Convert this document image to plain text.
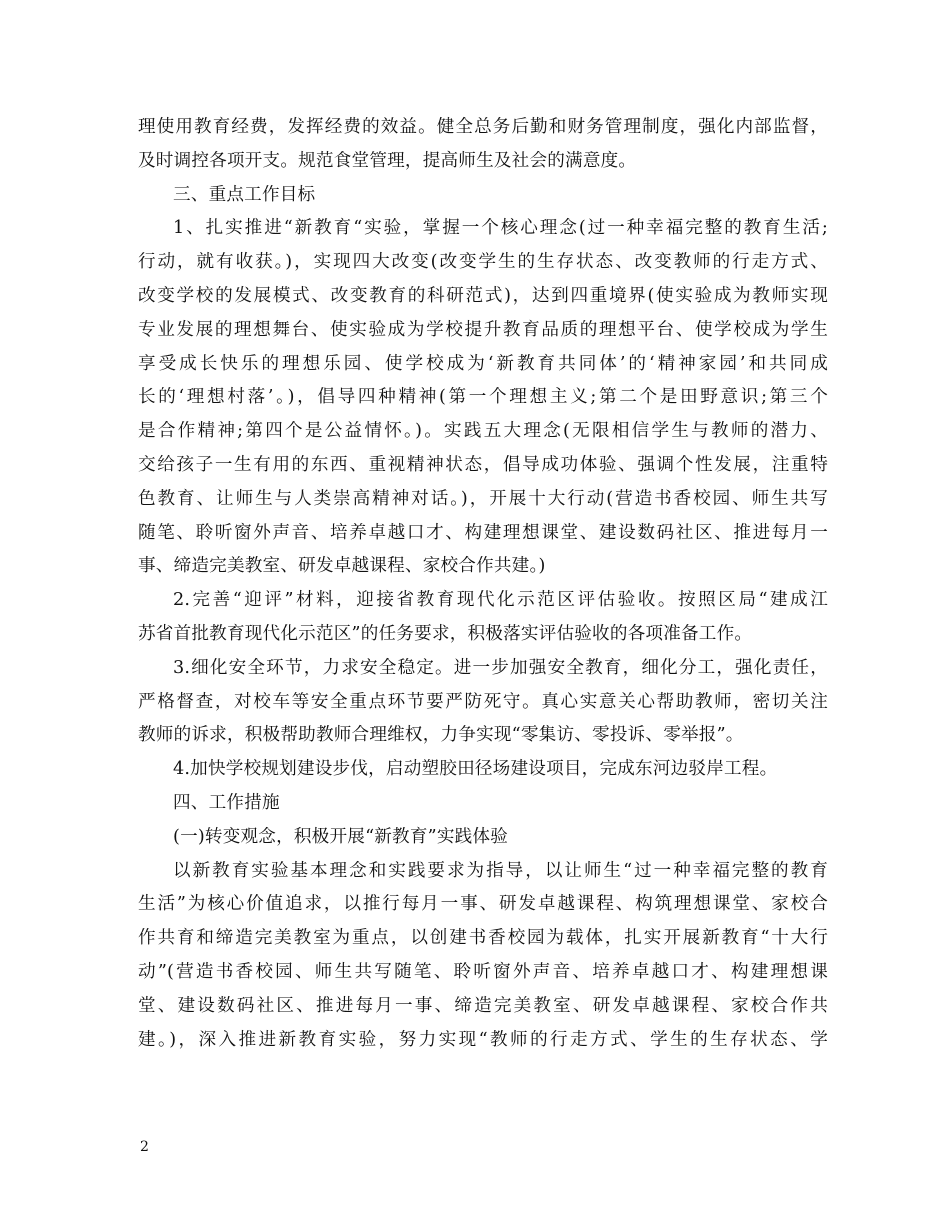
理使用教育经费，发挥经费的效益。健全总务后勤和财务管理制度，强化内部监督，
及时调控各项开支。规范食堂管理，提高师生及社会的满意度。
三、重点工作目标
1、扎实推进“新教育“实验，掌握一个核心理念(过一种幸福完整的教育生活;
行动，就有收获。)，实现四大改变(改变学生的生存状态、改变教师的行走方式、
改变学校的发展模式、改变教育的科研范式)，达到四重境界(使实验成为教师实现
专业发展的理想舞台、使实验成为学校提升教育品质的理想平台、使学校成为学生
享受成长快乐的理想乐园、使学校成为‘新教育共同体’的‘精神家园’和共同成
长的‘理想村落’。)，倡导四种精神(第一个理想主义;第二个是田野意识;第三个
是合作精神;第四个是公益情怀。)。实践五大理念(无限相信学生与教师的潜力、
交给孩子一生有用的东西、重视精神状态，倡导成功体验、强调个性发展，注重特
色教育、让师生与人类崇高精神对话。)，开展十大行动(营造书香校园、师生共写
随笔、聆听窗外声音、培养卓越口才、构建理想课堂、建设数码社区、推进每月一
事、缔造完美教室、研发卓越课程、家校合作共建。)
2.完善“迎评”材料，迎接省教育现代化示范区评估验收。按照区局“建成江
苏省首批教育现代化示范区”的任务要求，积极落实评估验收的各项准备工作。
3.细化安全环节，力求安全稳定。进一步加强安全教育，细化分工，强化责任，
严格督查，对校车等安全重点环节要严防死守。真心实意关心帮助教师，密切关注
教师的诉求，积极帮助教师合理维权，力争实现“零集访、零投诉、零举报”。
4.加快学校规划建设步伐，启动塑胶田径场建设项目，完成东河边驳岸工程。
四、工作措施
(一)转变观念，积极开展“新教育”实践体验
以新教育实验基本理念和实践要求为指导，以让师生“过一种幸福完整的教育
生活”为核心价值追求，以推行每月一事、研发卓越课程、构筑理想课堂、家校合
作共育和缔造完美教室为重点，以创建书香校园为载体，扎实开展新教育“十大行
动”(营造书香校园、师生共写随笔、聆听窗外声音、培养卓越口才、构建理想课
堂、建设数码社区、推进每月一事、缔造完美教室、研发卓越课程、家校合作共
建。)，深入推进新教育实验，努力实现“教师的行走方式、学生的生存状态、学
2
